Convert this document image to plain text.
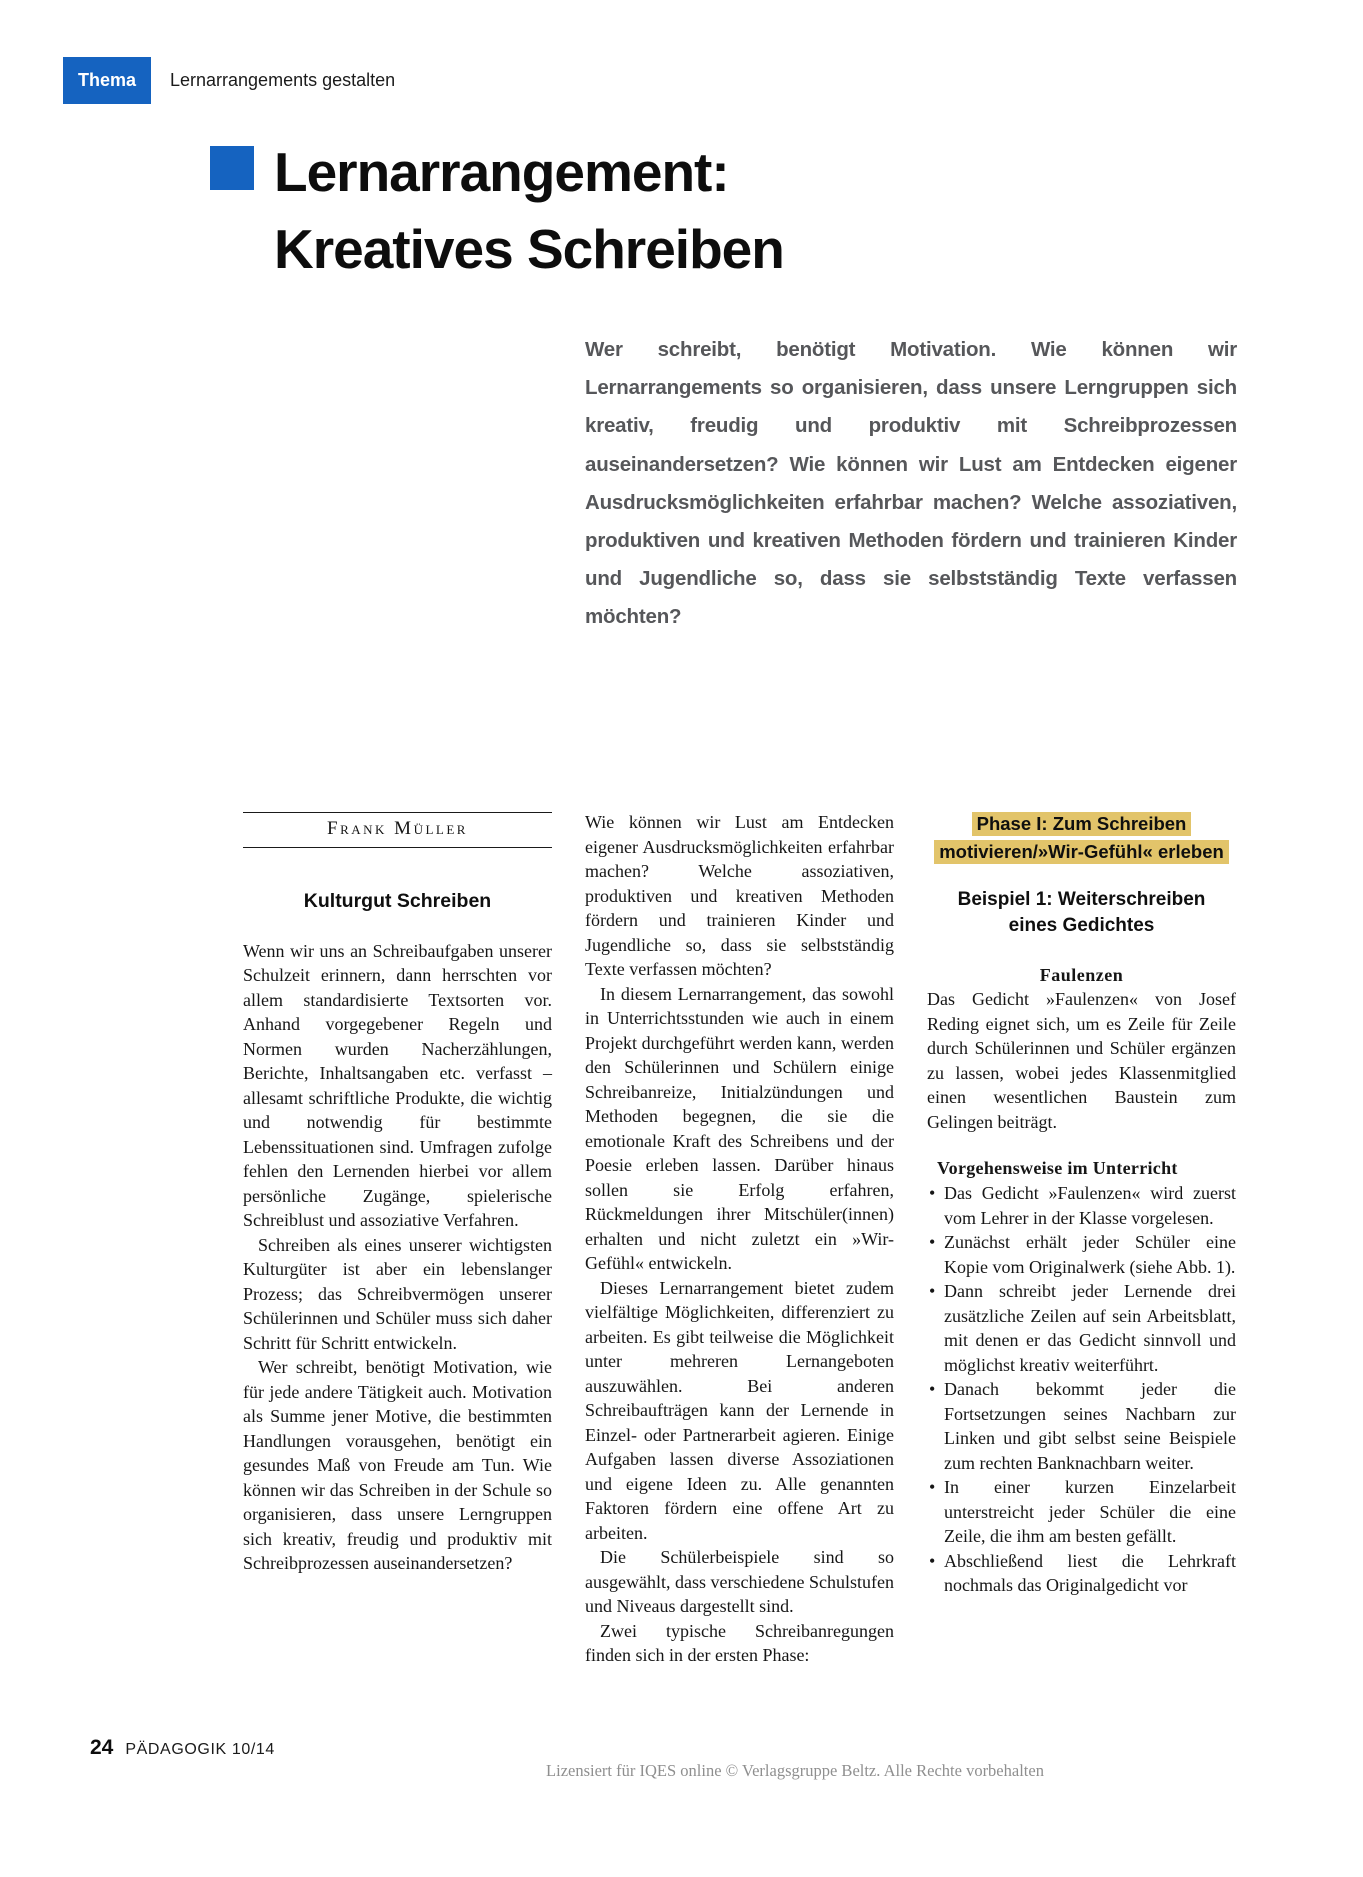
Thema	Lernarrangements gestalten
Lernarrangement:
Kreatives Schreiben

Wer schreibt, benötigt Motivation. Wie können wir Lernarrangements so organisieren, dass unsere Lerngruppen sich kreativ, freudig und produktiv mit Schreibprozessen auseinandersetzen? Wie können wir Lust am Entdecken eigener Ausdrucksmöglichkeiten erfahrbar machen? Welche assoziativen, produktiven und kreativen Methoden fördern und trainieren Kinder und Jugendliche so, dass sie selbstständig Texte verfassen möchten?

Frank Müller
Kulturgut Schreiben

Wenn wir uns an Schreibaufgaben unserer Schulzeit erinnern, dann herrschten vor allem standardisierte Textsorten vor. Anhand vorgegebener Regeln und Normen wurden Nacherzählungen, Berichte, Inhaltsangaben etc. verfasst – allesamt schriftliche Produkte, die wichtig und notwendig für bestimmte Lebenssituationen sind. Umfragen zufolge fehlen den Lernenden hierbei vor allem persönliche Zugänge, spielerische Schreiblust und assoziative Verfahren.

Schreiben als eines unserer wichtigsten Kulturgüter ist aber ein lebenslanger Prozess; das Schreibvermögen unserer Schülerinnen und Schüler muss sich daher Schritt für Schritt entwickeln.

Wer schreibt, benötigt Motivation, wie für jede andere Tätigkeit auch. Motivation als Summe jener Motive, die bestimmten Handlungen vorausgehen, benötigt ein gesundes Maß von Freude am Tun. Wie können wir das Schreiben in der Schule so organisieren, dass unsere Lerngruppen sich kreativ, freudig und produktiv mit Schreibprozessen auseinandersetzen?

Wie können wir Lust am Entdecken eigener Ausdrucksmöglichkeiten erfahrbar machen? Welche assoziativen, produktiven und kreativen Methoden fördern und trainieren Kinder und Jugendliche so, dass sie selbstständig Texte verfassen möchten?

In diesem Lernarrangement, das sowohl in Unterrichtsstunden wie auch in einem Projekt durchgeführt werden kann, werden den Schülerinnen und Schülern einige Schreibanreize, Initialzündungen und Methoden begegnen, die sie die emotionale Kraft des Schreibens und der Poesie erleben lassen. Darüber hinaus sollen sie Erfolg erfahren, Rückmeldungen ihrer Mitschüler(innen) erhalten und nicht zuletzt ein »Wir-Gefühl« entwickeln.

Dieses Lernarrangement bietet zudem vielfältige Möglichkeiten, differenziert zu arbeiten. Es gibt teilweise die Möglichkeit unter mehreren Lernangeboten auszuwählen. Bei anderen Schreibaufträgen kann der Lernende in Einzel- oder Partnerarbeit agieren. Einige Aufgaben lassen diverse Assoziationen und eigene Ideen zu. Alle genannten Faktoren fördern eine offene Art zu arbeiten.

Die Schülerbeispiele sind so ausgewählt, dass verschiedene Schulstufen und Niveaus dargestellt sind.

Zwei typische Schreibanregungen finden sich in der ersten Phase:

Phase I: Zum Schreiben
motivieren/»Wir-Gefühl« erleben
Beispiel 1: Weiterschreiben eines Gedichtes
Faulenzen

Das Gedicht »Faulenzen« von Josef Reding eignet sich, um es Zeile für Zeile durch Schülerinnen und Schüler ergänzen zu lassen, wobei jedes Klassenmitglied einen wesentlichen Baustein zum Gelingen beiträgt.

Vorgehensweise im Unterricht
• Das Gedicht »Faulenzen« wird zuerst vom Lehrer in der Klasse vorgelesen.
• Zunächst erhält jeder Schüler eine Kopie vom Originalwerk (siehe Abb. 1).
• Dann schreibt jeder Lernende drei zusätzliche Zeilen auf sein Arbeitsblatt, mit denen er das Gedicht sinnvoll und möglichst kreativ weiterführt.
• Danach bekommt jeder die Fortsetzungen seines Nachbarn zur Linken und gibt selbst seine Beispiele zum rechten Banknachbarn weiter.
• In einer kurzen Einzelarbeit unterstreicht jeder Schüler die eine Zeile, die ihm am besten gefällt.
• Abschließend liest die Lehrkraft nochmals das Originalgedicht vor
24 PÄDAGOGIK 10/14
Lizensiert für IQES online © Verlagsgruppe Beltz. Alle Rechte vorbehalten
